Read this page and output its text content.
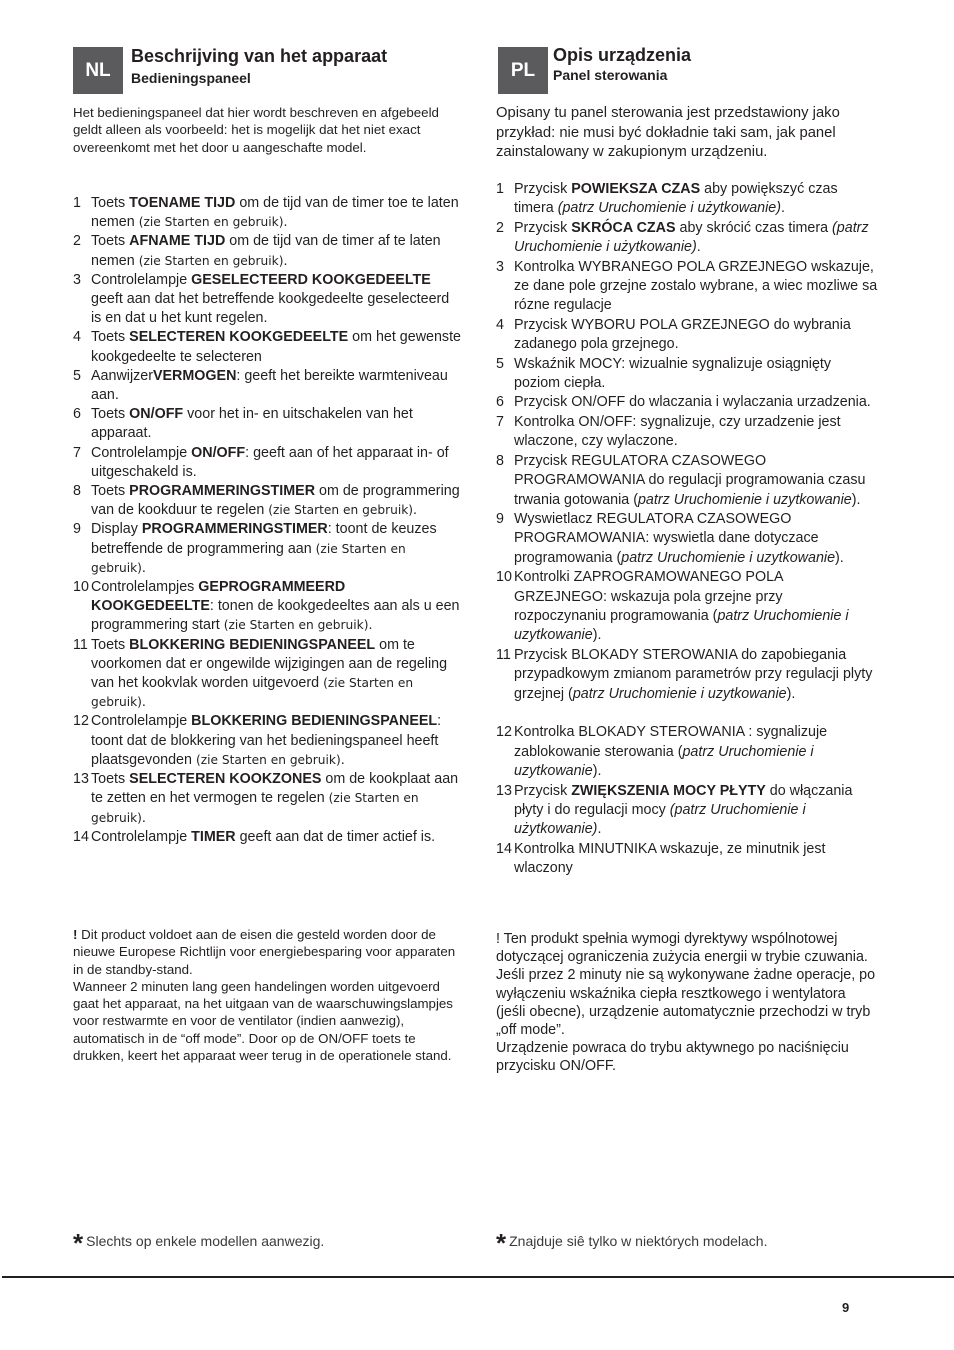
NL
Beschrijving van het apparaat
Bedieningspaneel

Het bedieningspaneel dat hier wordt beschreven en afgebeeld geldt alleen als voorbeeld: het is mogelijk dat het niet exact overeenkomt met het door u aangeschafte model.

1 Toets TOENAME TIJD om de tijd van de timer toe te laten nemen (zie Starten en gebruik).
2 Toets AFNAME TIJD om de tijd van de timer af te laten nemen (zie Starten en gebruik).
3 Controlelampje GESELECTEERD KOOKGEDEELTE geeft aan dat het betreffende kookgedeelte geselecteerd is en dat u het kunt regelen.
4 Toets SELECTEREN KOOKGEDEELTE om het gewenste kookgedeelte te selecteren
5 AanwijzerVERMOGEN: geeft het bereikte warmteniveau aan.
6 Toets ON/OFF voor het in- en uitschakelen van het apparaat.
7 Controlelampje ON/OFF: geeft aan of het apparaat in- of uitgeschakeld is.
8 Toets PROGRAMMERINGSTIMER om de programmering van de kookduur te regelen (zie Starten en gebruik).
9 Display PROGRAMMERINGSTIMER: toont de keuzes betreffende de programmering aan (zie Starten en gebruik).
10 Controlelampjes GEPROGRAMMEERD KOOKGEDEELTE: tonen de kookgedeeltes aan als u een programmering start (zie Starten en gebruik).
11 Toets BLOKKERING BEDIENINGSPANEEL om te voorkomen dat er ongewilde wijzigingen aan de regeling van het kookvlak worden uitgevoerd (zie Starten en gebruik).
12 Controlelampje BLOKKERING BEDIENINGSPANEEL: toont dat de blokkering van het bedieningspaneel heeft plaatsgevonden (zie Starten en gebruik).
13 Toets SELECTEREN KOOKZONES om de kookplaat aan te zetten en het vermogen te regelen (zie Starten en gebruik).
14 Controlelampje TIMER geeft aan dat de timer actief is.
! Dit product voldoet aan de eisen die gesteld worden door de nieuwe Europese Richtlijn voor energiebesparing voor apparaten in de standby-stand.
Wanneer 2 minuten lang geen handelingen worden uitgevoerd gaat het apparaat, na het uitgaan van de waarschuwingslampjes voor restwarmte en voor de ventilator (indien aanwezig), automatisch in de “off mode”. Door op de ON/OFF toets te drukken, keert het apparaat weer terug in de operationele stand.
* Slechts op enkele modellen aanwezig.
PL
Opis urządzenia
Panel sterowania

Opisany tu panel sterowania jest przedstawiony jako przykład: nie musi być dokładnie taki sam, jak panel zainstalowany w zakupionym urządzeniu.

1 Przycisk POWIEKSZA CZAS aby powiększyć czas timera (patrz Uruchomienie i użytkowanie).
2 Przycisk SKRÓCA CZAS aby skrócić czas timera (patrz Uruchomienie i użytkowanie).
3 Kontrolka WYBRANEGO POLA GRZEJNEGO wskazuje, ze dane pole grzejne zostalo wybrane, a wiec mozliwe sa rózne regulacje
4 Przycisk WYBORU POLA GRZEJNEGO do wybrania zadanego pola grzejnego.
5 Wskaźnik MOCY: wizualnie sygnalizuje osiągnięty poziom ciepła.
6 Przycisk ON/OFF do wlaczania i wylaczania urzadzenia.
7 Kontrolka ON/OFF: sygnalizuje, czy urzadzenie jest wlaczone, czy wylaczone.
8 Przycisk REGULATORA CZASOWEGO PROGRAMOWANIA do regulacji programowania czasu trwania gotowania (patrz Uruchomienie i uzytkowanie).
9 Wyswietlacz REGULATORA CZASOWEGO PROGRAMOWANIA: wyswietla dane dotyczace programowania (patrz Uruchomienie i uzytkowanie).
10 Kontrolki ZAPROGRAMOWANEGO POLA GRZEJNEGO: wskazuja pola grzejne przy rozpoczynaniu programowania (patrz Uruchomienie i uzytkowanie).
11 Przycisk BLOKADY STEROWANIA do zapobiegania przypadkowym zmianom parametrów przy regulacji plyty grzejnej (patrz Uruchomienie i uzytkowanie).
12 Kontrolka BLOKADY STEROWANIA : sygnalizuje zablokowanie sterowania (patrz Uruchomienie i uzytkowanie).
13 Przycisk ZWIĘKSZENIA MOCY PŁYTY do włączania płyty i do regulacji mocy (patrz Uruchomienie i użytkowanie).
14 Kontrolka MINUTNIKA wskazuje, ze minutnik jest wlaczony
! Ten produkt spełnia wymogi dyrektywy wspólnotowej dotyczącej ograniczenia zużycia energii w trybie czuwania.
Jeśli przez 2 minuty nie są wykonywane żadne operacje, po wyłączeniu wskaźnika ciepła resztkowego i wentylatora (jeśli obecne), urządzenie automatycznie przechodzi w tryb „off mode”.
Urządzenie powraca do trybu aktywnego po naciśnięciu przycisku ON/OFF.
* Znajduje siê tylko w niektórych modelach.
9
